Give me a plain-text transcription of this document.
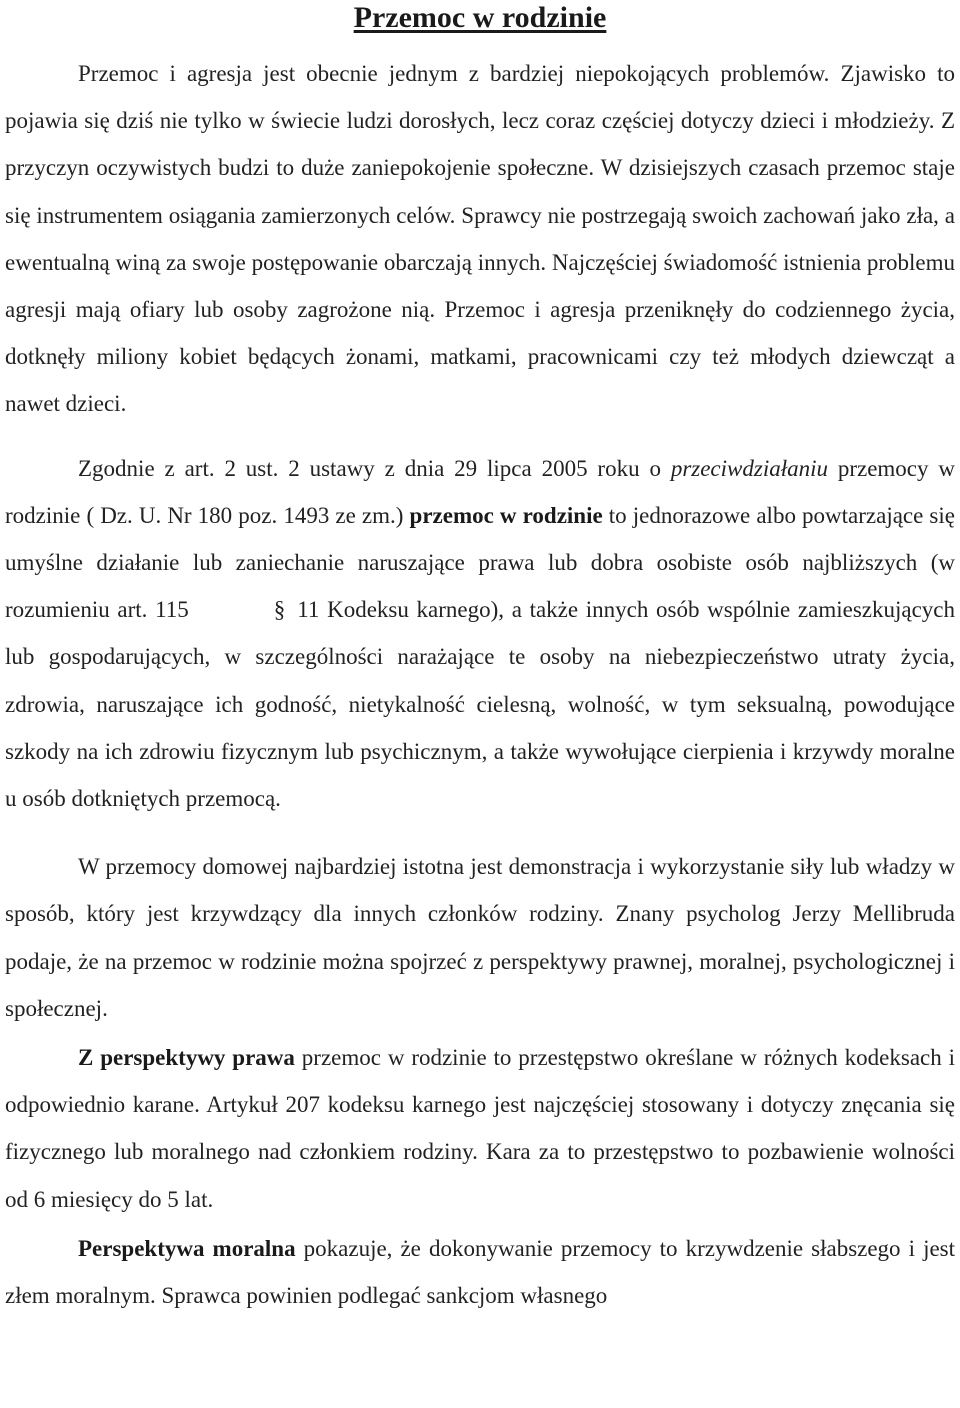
Przemoc w rodzinie

Przemoc i agresja jest obecnie jednym z bardziej niepokojących problemów. Zjawisko to pojawia się dziś nie tylko w świecie ludzi dorosłych, lecz coraz częściej dotyczy dzieci i młodzieży. Z przyczyn oczywistych budzi to duże zaniepokojenie społeczne. W dzisiejszych czasach przemoc staje się instrumentem osiągania zamierzonych celów. Sprawcy nie postrzegają swoich zachowań jako zła, a ewentualną winą za swoje postępowanie obarczają innych. Najczęściej świadomość istnienia problemu agresji mają ofiary lub osoby zagrożone nią. Przemoc i agresja przeniknęły do codziennego życia, dotknęły miliony kobiet będących żonami, matkami, pracownicami czy też młodych dziewcząt a nawet dzieci.

Zgodnie z art. 2 ust. 2 ustawy z dnia 29 lipca 2005 roku o przeciwdziałaniu przemocy w rodzinie ( Dz. U. Nr 180 poz. 1493 ze zm.) przemoc w rodzinie to jednorazowe albo powtarzające się umyślne działanie lub zaniechanie naruszające prawa lub dobra osobiste osób najbliższych (w rozumieniu art. 115	§ 11 Kodeksu karnego), a także innych osób wspólnie zamieszkujących lub gospodarujących, w szczególności narażające te osoby na niebezpieczeństwo utraty życia, zdrowia, naruszające ich godność, nietykalność cielesną, wolność, w tym seksualną, powodujące szkody na ich zdrowiu fizycznym lub psychicznym, a także wywołujące cierpienia i krzywdy moralne u osób dotkniętych przemocą.

W przemocy domowej najbardziej istotna jest demonstracja i wykorzystanie siły lub władzy w sposób, który jest krzywdzący dla innych członków rodziny. Znany psycholog Jerzy Mellibruda podaje, że na przemoc w rodzinie można spojrzeć z perspektywy prawnej, moralnej, psychologicznej i społecznej.

Z perspektywy prawa przemoc w rodzinie to przestępstwo określane w różnych kodeksach i odpowiednio karane. Artykuł 207 kodeksu karnego jest najczęściej stosowany i dotyczy znęcania się fizycznego lub moralnego nad członkiem rodziny. Kara za to przestępstwo to pozbawienie wolności od 6 miesięcy do 5 lat.

Perspektywa moralna pokazuje, że dokonywanie przemocy to krzywdzenie słabszego i jest złem moralnym. Sprawca powinien podlegać sankcjom własnego
